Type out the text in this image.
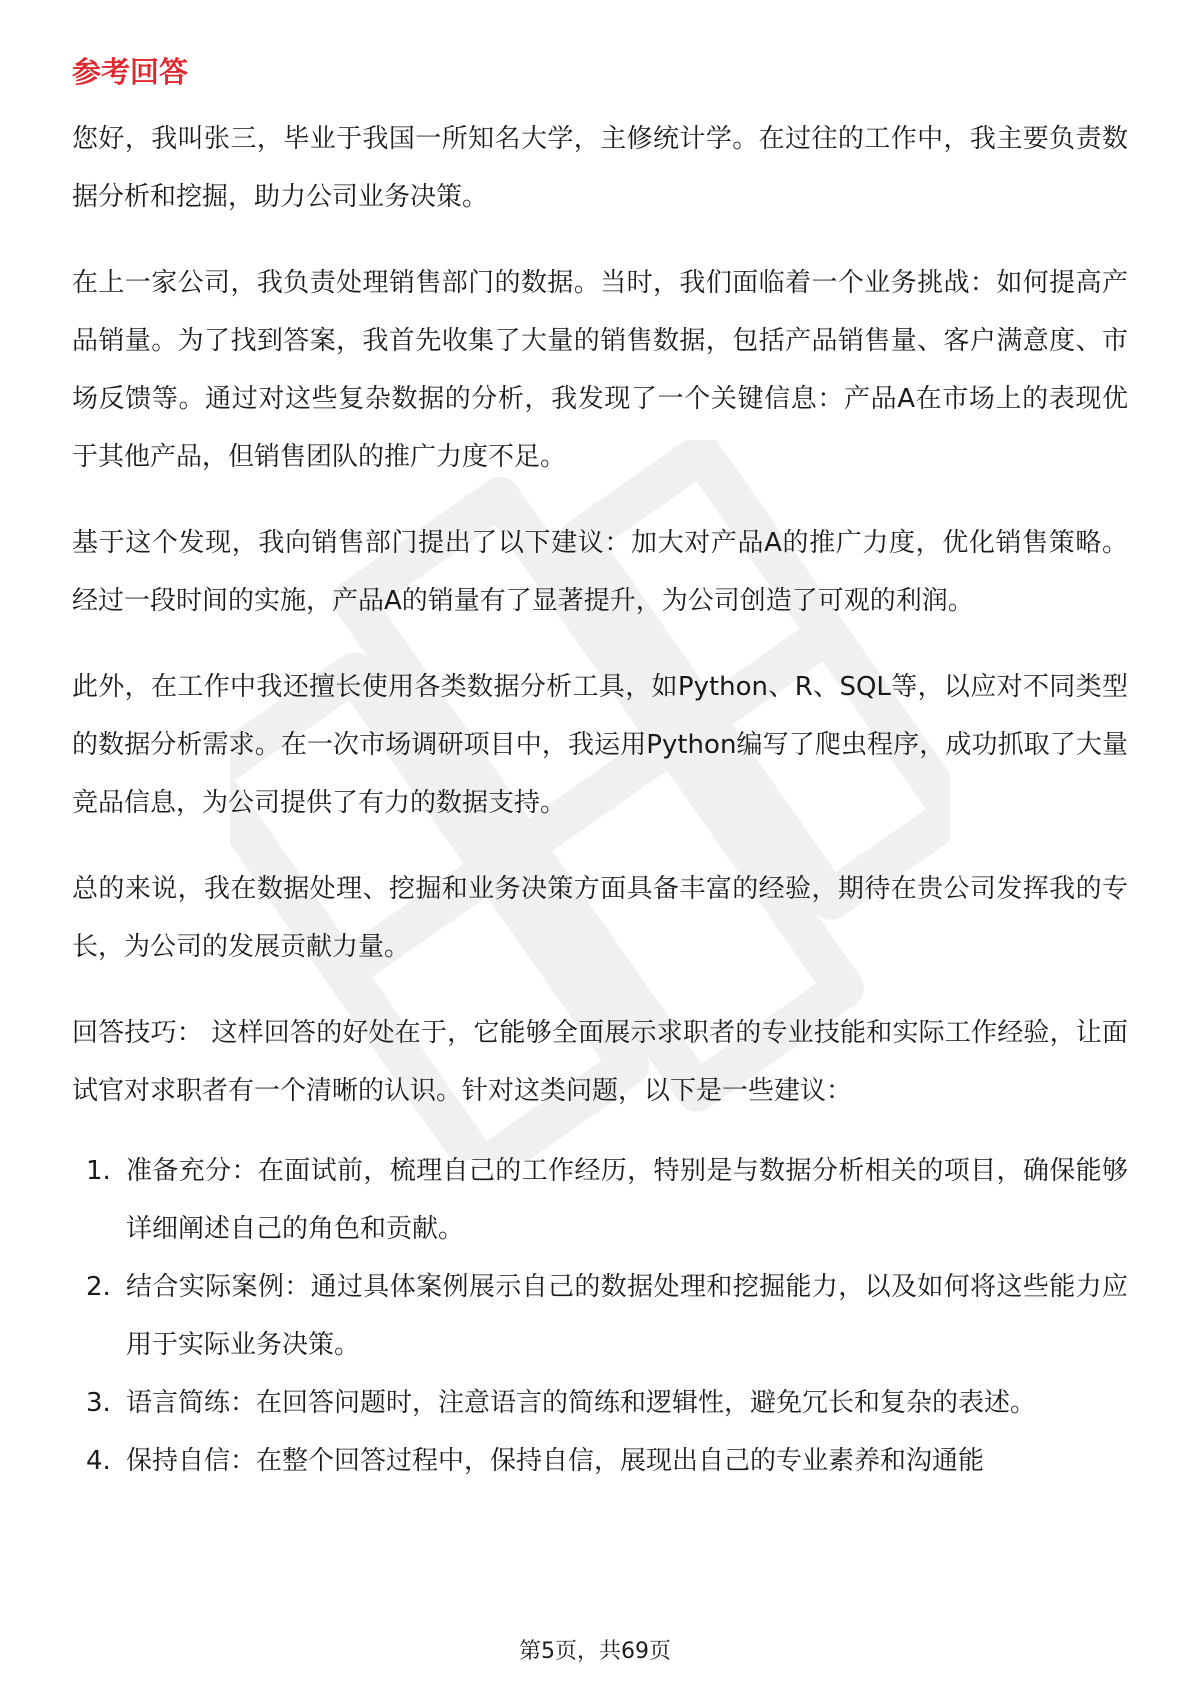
参考回答

您好，我叫张三，毕业于我国一所知名大学，主修统计学。在过往的工作中，我主要负责数据分析和挖掘，助力公司业务决策。

在上一家公司，我负责处理销售部门的数据。当时，我们面临着一个业务挑战：如何提高产品销量。为了找到答案，我首先收集了大量的销售数据，包括产品销售量、客户满意度、市场反馈等。通过对这些复杂数据的分析，我发现了一个关键信息：产品A在市场上的表现优于其他产品，但销售团队的推广力度不足。

基于这个发现，我向销售部门提出了以下建议：加大对产品A的推广力度，优化销售策略。经过一段时间的实施，产品A的销量有了显著提升，为公司创造了可观的利润。

此外，在工作中我还擅长使用各类数据分析工具，如Python、R、SQL等，以应对不同类型的数据分析需求。在一次市场调研项目中，我运用Python编写了爬虫程序，成功抓取了大量竞品信息，为公司提供了有力的数据支持。

总的来说，我在数据处理、挖掘和业务决策方面具备丰富的经验，期待在贵公司发挥我的专长，为公司的发展贡献力量。

回答技巧： 这样回答的好处在于，它能够全面展示求职者的专业技能和实际工作经验，让面试官对求职者有一个清晰的认识。针对这类问题，以下是一些建议：

1. 准备充分：在面试前，梳理自己的工作经历，特别是与数据分析相关的项目，确保能够详细阐述自己的角色和贡献。
2. 结合实际案例：通过具体案例展示自己的数据处理和挖掘能力，以及如何将这些能力应用于实际业务决策。
3. 语言简练：在回答问题时，注意语言的简练和逻辑性，避免冗长和复杂的表述。
4. 保持自信：在整个回答过程中，保持自信，展现出自己的专业素养和沟通能
第5页，共69页
